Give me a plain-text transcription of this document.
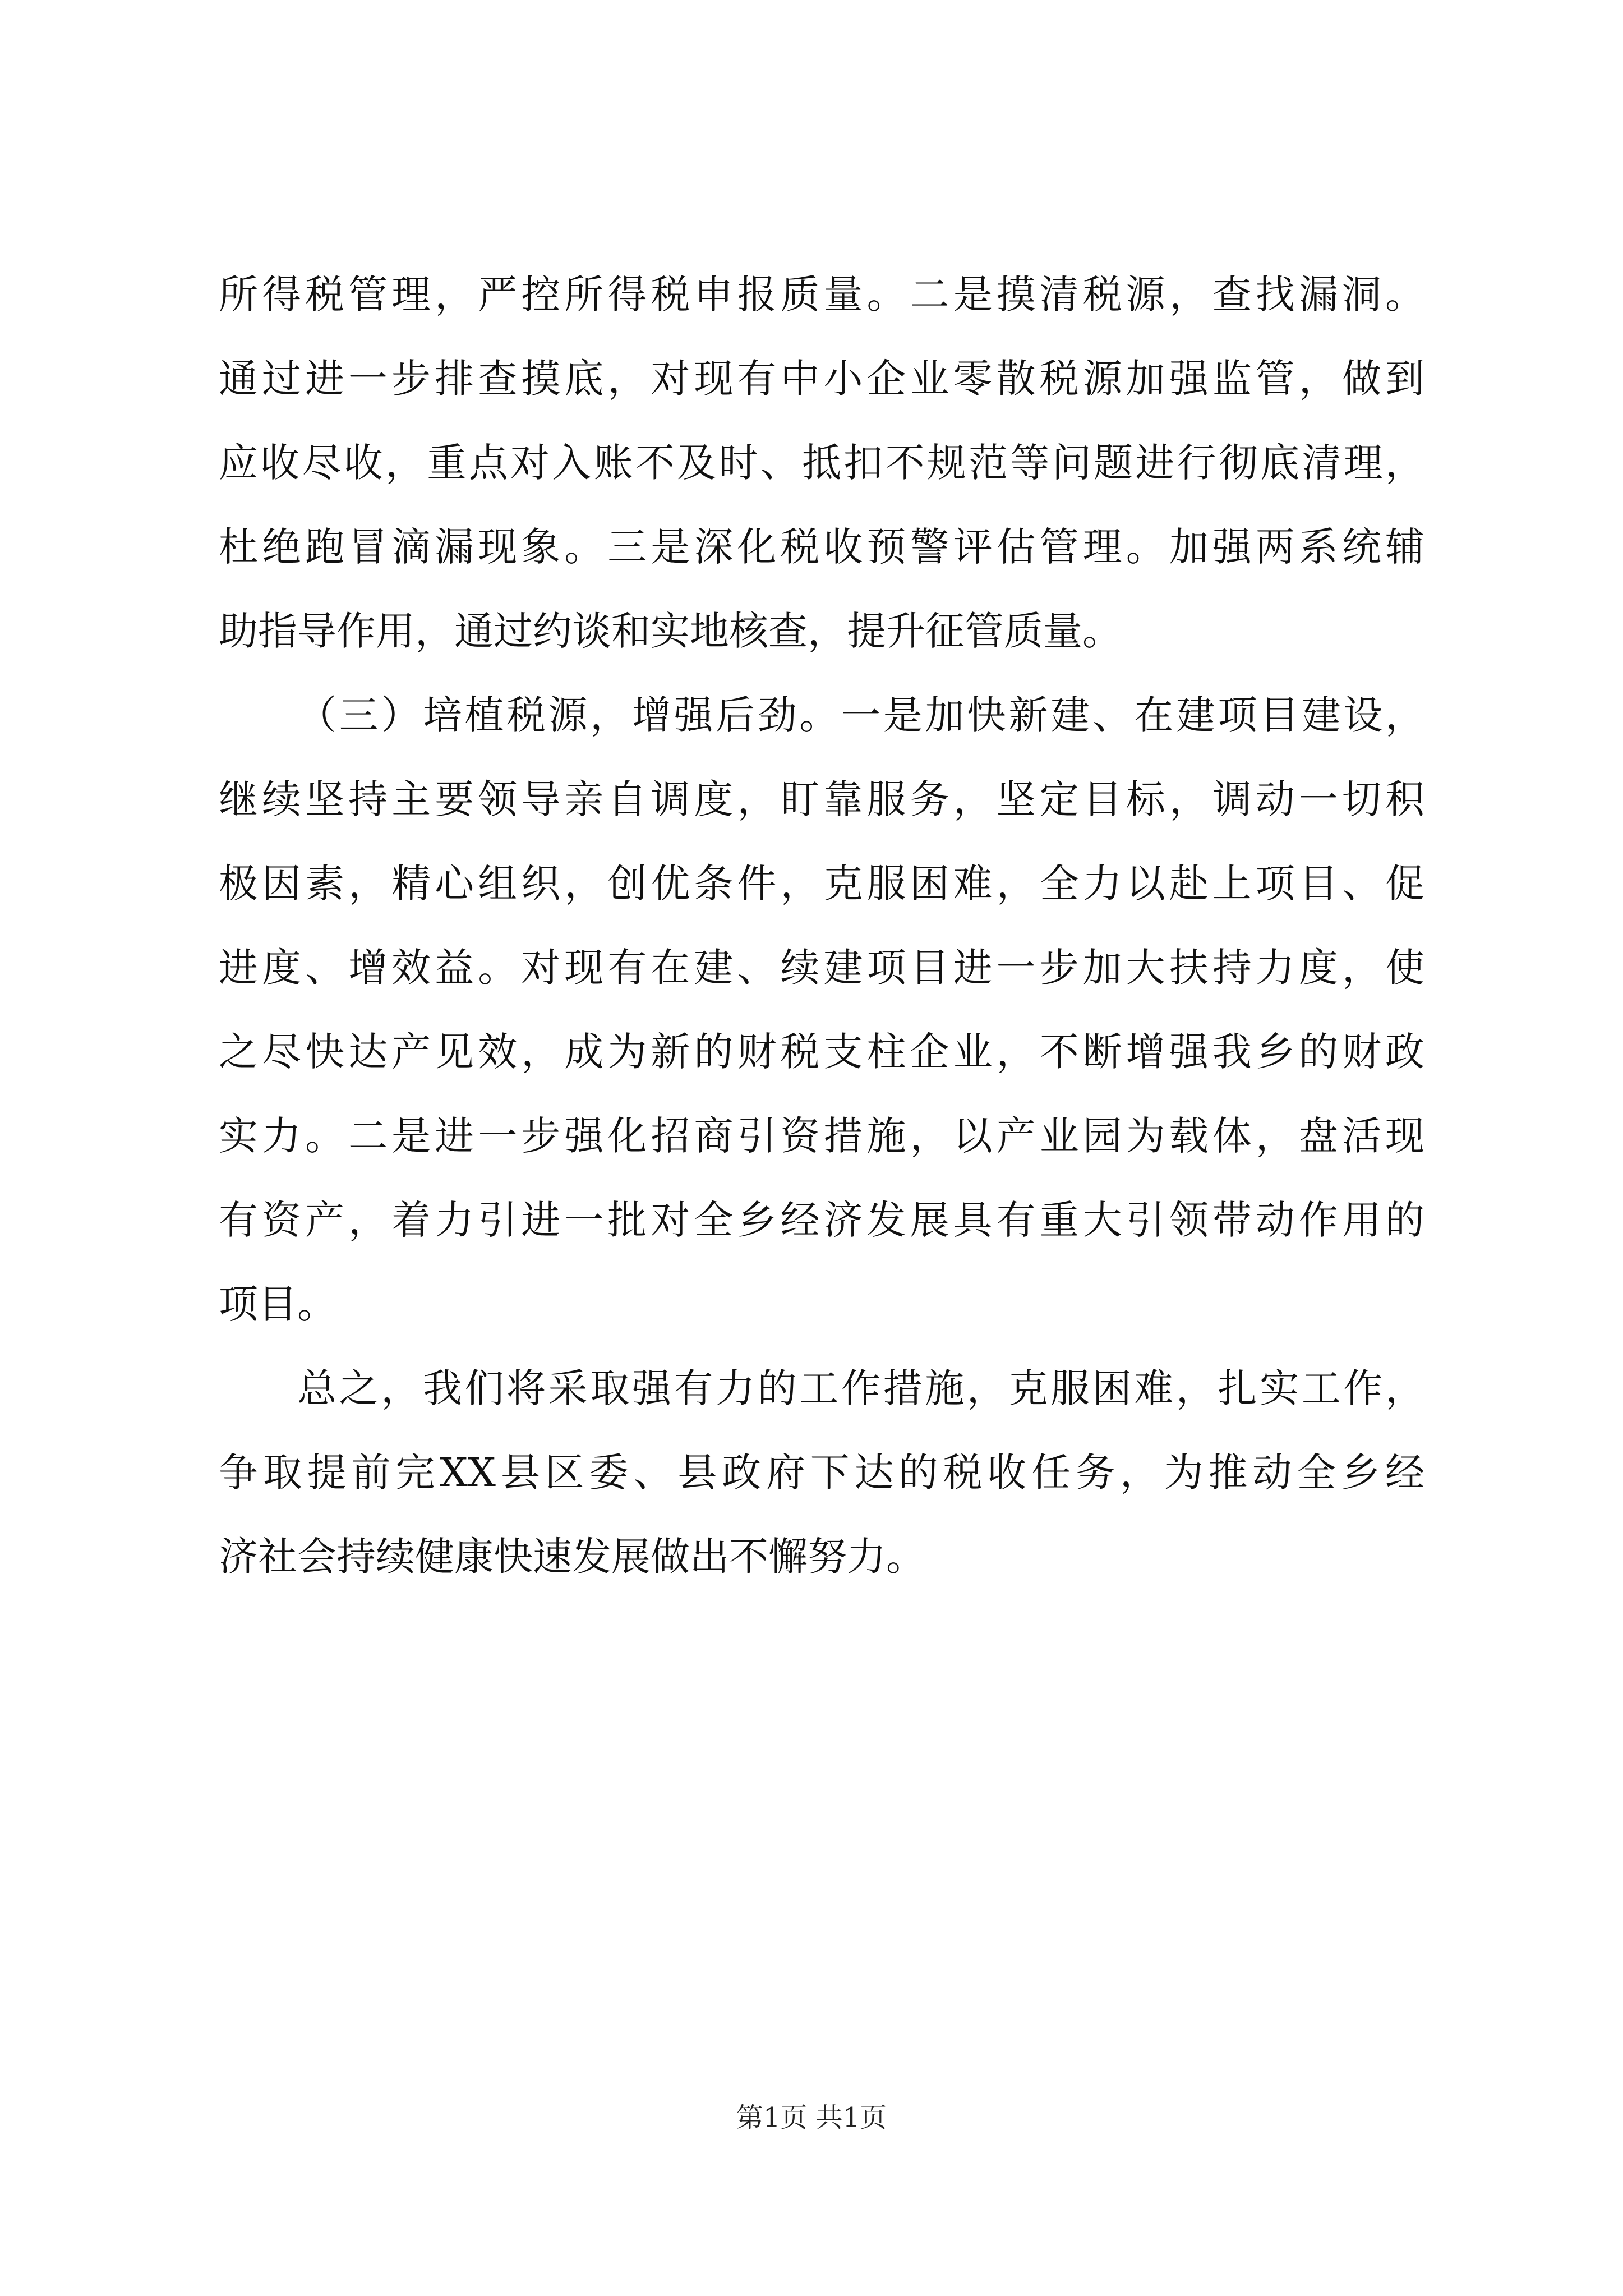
所得税管理，严控所得税申报质量。二是摸清税源，查找漏洞。
通过进一步排查摸底，对现有中小企业零散税源加强监管，做到
应收尽收，重点对入账不及时、抵扣不规范等问题进行彻底清理，
杜绝跑冒滴漏现象。三是深化税收预警评估管理。加强两系统辅
助指导作用，通过约谈和实地核查，提升征管质量。
（三）培植税源，增强后劲。一是加快新建、在建项目建设，
继续坚持主要领导亲自调度，盯靠服务，坚定目标，调动一切积
极因素，精心组织，创优条件，克服困难，全力以赴上项目、促
进度、增效益。对现有在建、续建项目进一步加大扶持力度，使
之尽快达产见效，成为新的财税支柱企业，不断增强我乡的财政
实力。二是进一步强化招商引资措施，以产业园为载体，盘活现
有资产，着力引进一批对全乡经济发展具有重大引领带动作用的
项目。
总之，我们将采取强有力的工作措施，克服困难，扎实工作，
争取提前完XX县区委、县政府下达的税收任务，为推动全乡经
济社会持续健康快速发展做出不懈努力。
第1页 共1页
